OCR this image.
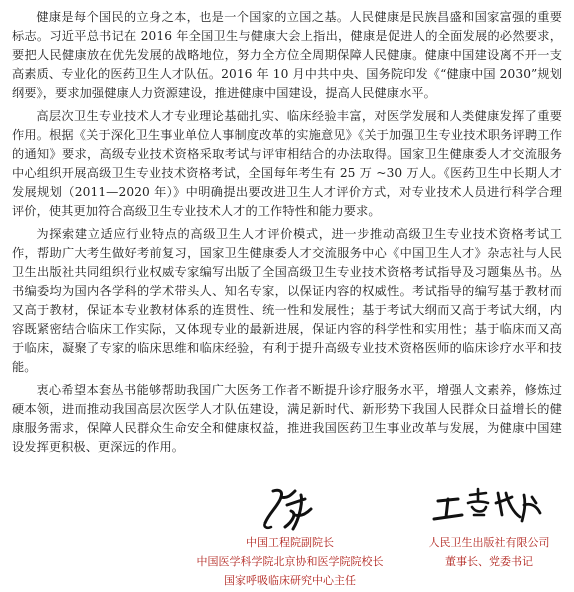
健康是每个国民的立身之本，也是一个国家的立国之基。人民健康是民族昌盛和国家富强的重要标志。习近平总书记在 2016 年全国卫生与健康大会上指出，健康是促进人的全面发展的必然要求，要把人民健康放在优先发展的战略地位，努力全方位全周期保障人民健康。健康中国建设离不开一支高素质、专业化的医药卫生人才队伍。2016 年 10 月中共中央、国务院印发《“健康中国 2030”规划纲要》，要求加强健康人力资源建设，推进健康中国建设，提高人民健康水平。

高层次卫生专业技术人才专业理论基础扎实、临床经验丰富，对医学发展和人类健康发挥了重要作用。根据《关于深化卫生事业单位人事制度改革的实施意见》《关于加强卫生专业技术职务评聘工作的通知》要求，高级专业技术资格采取考试与评审相结合的办法取得。国家卫生健康委人才交流服务中心组织开展高级卫生专业技术资格考试，全国每年考生有 25 万 ~30 万人。《医药卫生中长期人才发展规划（2011—2020 年）》中明确提出要改进卫生人才评价方式，对专业技术人员进行科学合理评价，使其更加符合高级卫生专业技术人才的工作特性和能力要求。

为探索建立适应行业特点的高级卫生人才评价模式，进一步推动高级卫生专业技术资格考试工作，帮助广大考生做好考前复习，国家卫生健康委人才交流服务中心《中国卫生人才》杂志社与人民卫生出版社共同组织行业权威专家编写出版了全国高级卫生专业技术资格考试指导及习题集丛书。丛书编委均为国内各学科的学术带头人、知名专家，以保证内容的权威性。考试指导的编写基于教材而又高于教材，保证本专业教材体系的连贯性、统一性和发展性；基于考试大纲而又高于考试大纲，内容既紧密结合临床工作实际，又体现专业的最新进展，保证内容的科学性和实用性；基于临床而又高于临床，凝聚了专家的临床思维和临床经验，有利于提升高级专业技术资格医师的临床诊疗水平和技能。

衷心希望本套丛书能够帮助我国广大医务工作者不断提升诊疗服务水平，增强人文素养，修炼过硬本领，进而推动我国高层次医学人才队伍建设，满足新时代、新形势下我国人民群众日益增长的健康服务需求，保障人民群众生命安全和健康权益，推进我国医药卫生事业改革与发展，为健康中国建设发挥更积极、更深远的作用。

中国工程院副院长
中国医学科学院北京协和医学院院校长
国家呼吸临床研究中心主任
人民卫生出版社有限公司
董事长、党委书记
